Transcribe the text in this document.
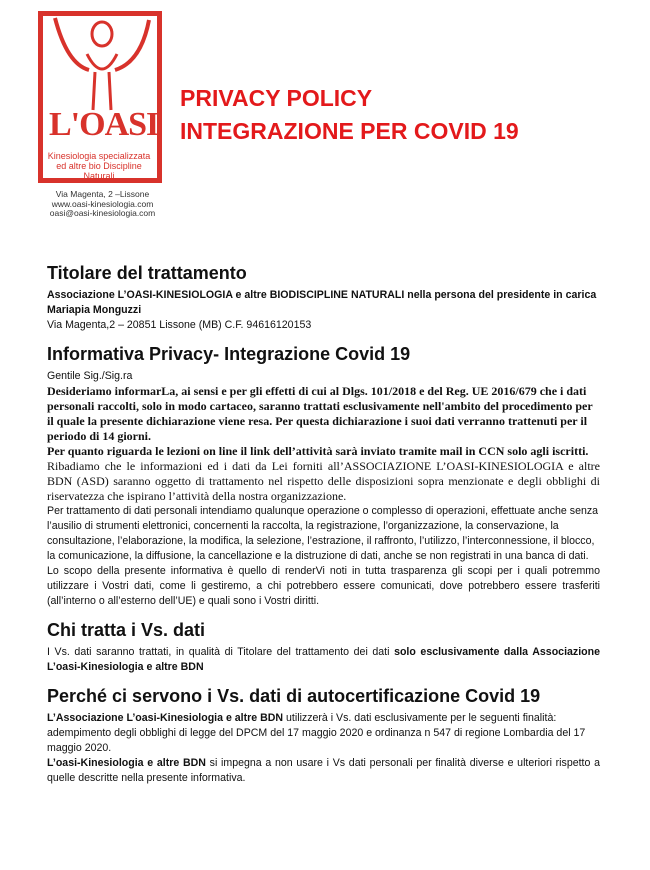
L'OASI
Kinesiologia specializzata ed altre bio Discipline Naturali
Via Magenta, 2 –Lissone
www.oasi-kinesiologia.com
oasi@oasi-kinesiologia.com
PRIVACY POLICY
INTEGRAZIONE PER COVID 19
Titolare del trattamento

Associazione L’OASI-KINESIOLOGIA e altre BIODISCIPLINE NATURALI nella persona del presidente in carica Mariapia Monguzzi

Via Magenta,2 – 20851 Lissone (MB) C.F. 94616120153

Informativa Privacy- Integrazione Covid 19

Gentile Sig./Sig.ra

Desideriamo informarLa, ai sensi e per gli effetti di cui al Dlgs. 101/2018 e del Reg. UE 2016/679 che i dati personali raccolti, solo in modo cartaceo, saranno trattati esclusivamente nell'ambito del procedimento per il quale la presente dichiarazione viene resa. Per questa dichiarazione i suoi dati verranno trattenuti per il periodo di 14 giorni.

Per quanto riguarda le lezioni on line il link dell’attività sarà inviato tramite mail in CCN solo agli iscritti.

Ribadiamo che le informazioni ed i dati da Lei forniti all’ASSOCIAZIONE L’OASI-KINESIOLOGIA e altre BDN (ASD) saranno oggetto di trattamento nel rispetto delle disposizioni sopra menzionate e degli obblighi di riservatezza che ispirano l’attività della nostra organizzazione.

Per trattamento di dati personali intendiamo qualunque operazione o complesso di operazioni, effettuate anche senza l’ausilio di strumenti elettronici, concernenti la raccolta, la registrazione, l’organizzazione, la conservazione, la consultazione, l’elaborazione, la modifica, la selezione, l’estrazione, il raffronto, l’utilizzo, l’interconnessione, il blocco, la comunicazione, la diffusione, la cancellazione e la distruzione di dati, anche se non registrati in una banca di dati.

Lo scopo della presente informativa è quello di renderVi noti in tutta trasparenza gli scopi per i quali potremmo utilizzare i Vostri dati, come li gestiremo, a chi potrebbero essere comunicati, dove potrebbero essere trasferiti (all’interno o all’esterno dell’UE) e quali sono i Vostri diritti.

Chi tratta i Vs. dati

I Vs. dati saranno trattati, in qualità di Titolare del trattamento dei dati solo esclusivamente dalla Associazione L’oasi-Kinesiologia e altre BDN

Perché ci servono i Vs. dati di autocertificazione Covid 19

L’Associazione L’oasi-Kinesiologia e altre BDN utilizzerà i Vs. dati esclusivamente per le seguenti finalità:

adempimento degli obblighi di legge del DPCM del 17 maggio 2020 e ordinanza n 547 di regione Lombardia del 17 maggio 2020.

L’oasi-Kinesiologia e altre BDN si impegna a non usare i Vs dati personali per finalità diverse e ulteriori rispetto a quelle descritte nella presente informativa.
